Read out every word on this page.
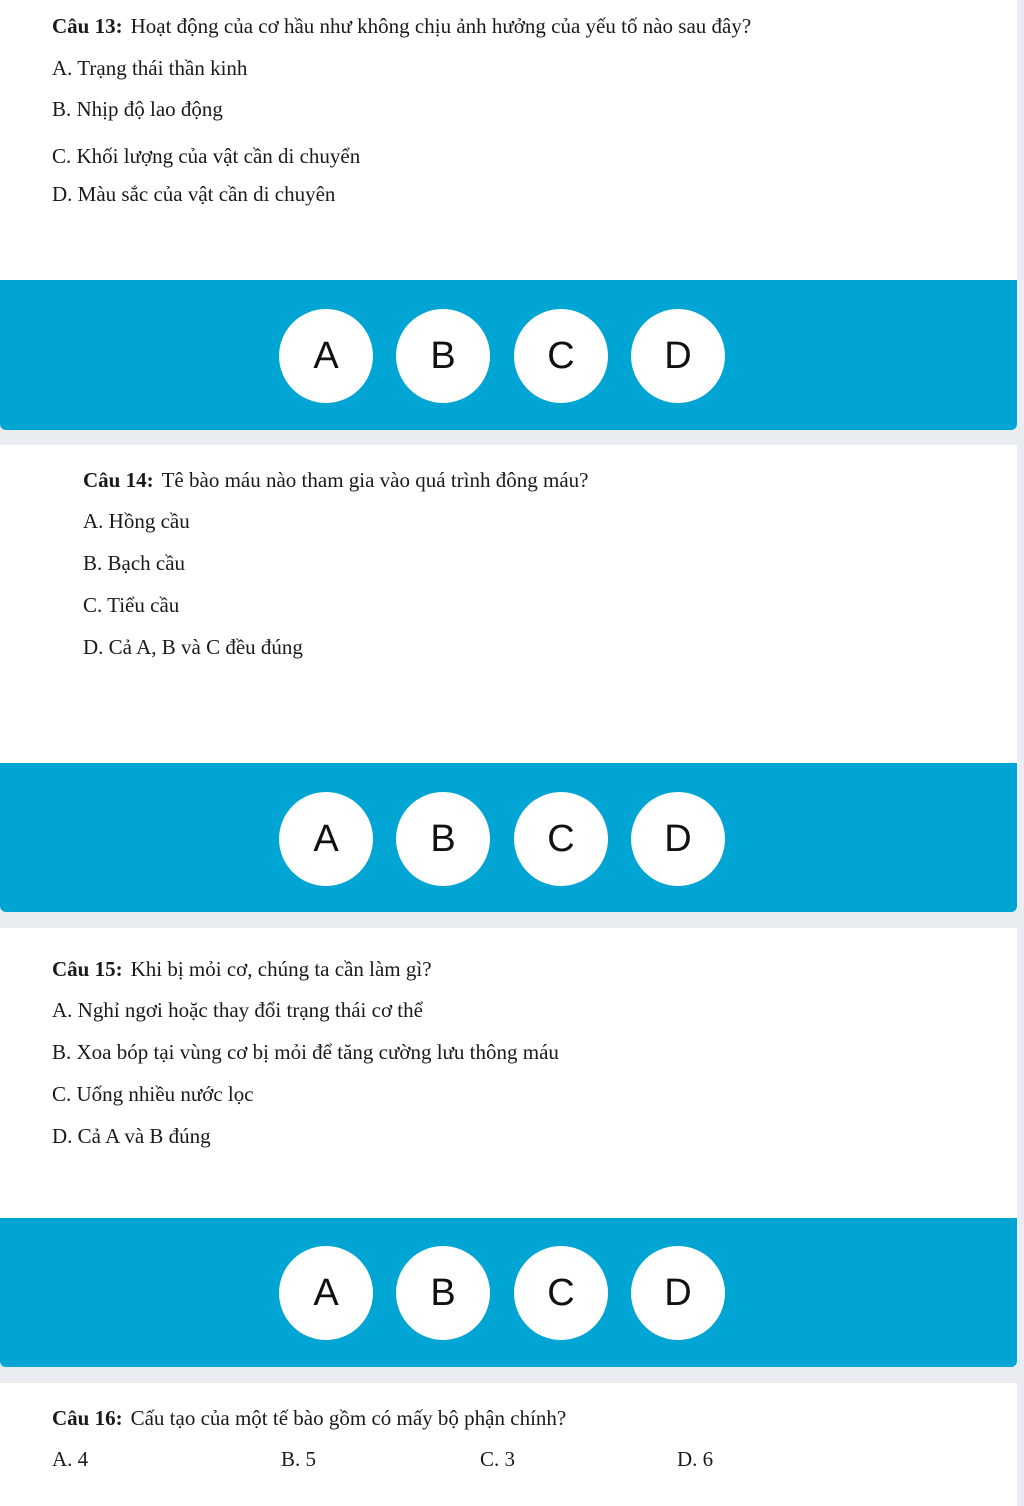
Câu 13: Hoạt động của cơ hầu như không chịu ảnh hưởng của yếu tố nào sau đây?
A. Trạng thái thần kinh
B. Nhịp độ lao động
C. Khối lượng của vật cần di chuyển
D. Màu sắc của vật cần di chuyên
A	B	C	D
Câu 14: Tê bào máu nào tham gia vào quá trình đông máu?
A. Hồng cầu
B. Bạch cầu
C. Tiểu cầu
D. Cả A, B và C đều đúng
A	B	C	D
Câu 15: Khi bị mỏi cơ, chúng ta cần làm gì?
A. Nghỉ ngơi hoặc thay đổi trạng thái cơ thể
B. Xoa bóp tại vùng cơ bị mỏi để tăng cường lưu thông máu
C. Uống nhiều nước lọc
D. Cả A và B đúng
A	B	C	D
Câu 16: Cấu tạo của một tế bào gồm có mấy bộ phận chính?
A. 4	B. 5	C. 3	D. 6
